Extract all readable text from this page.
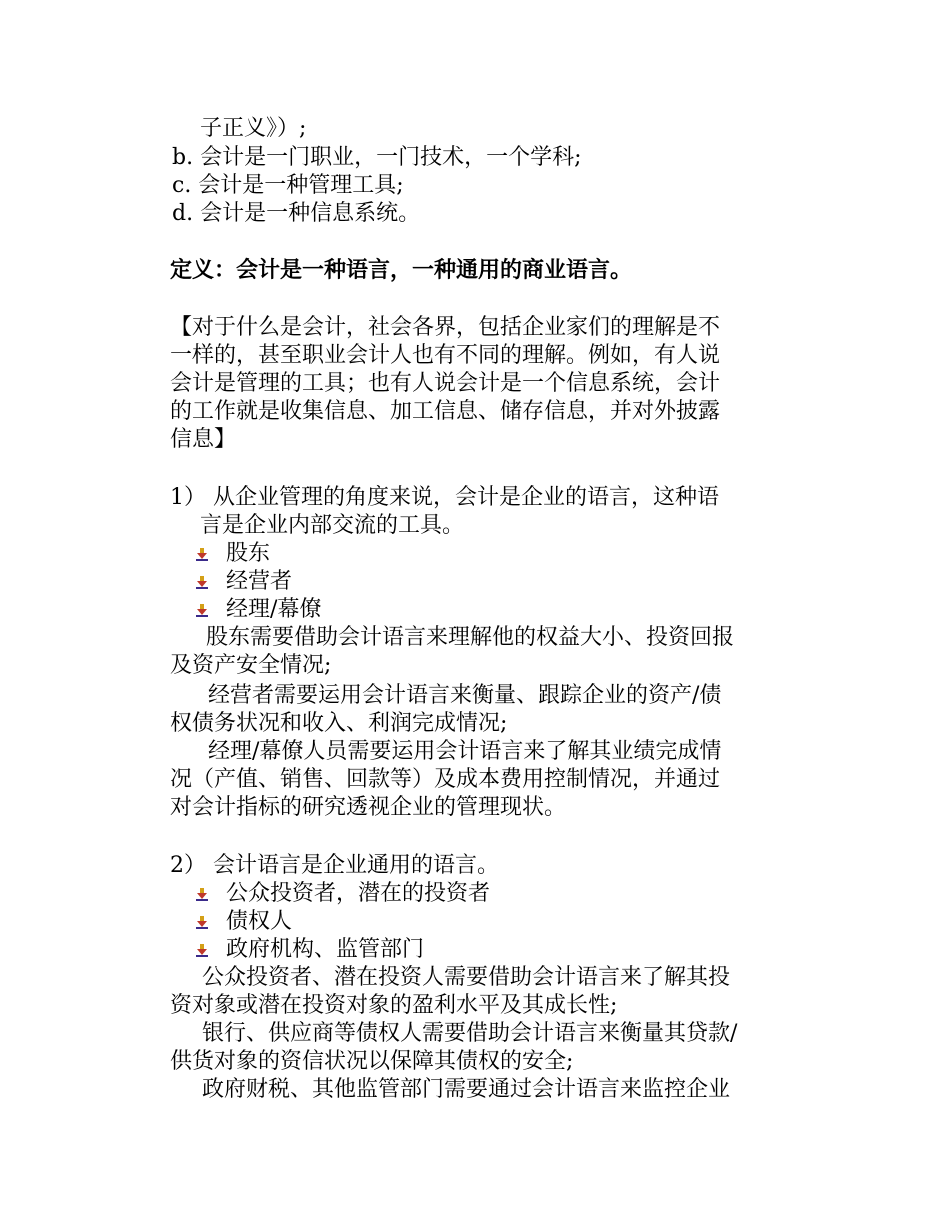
子正义》）;
b. 会计是一门职业，一门技术，一个学科;
c. 会计是一种管理工具;
d. 会计是一种信息系统。
定义：会计是一种语言，一种通用的商业语言。
【对于什么是会计，社会各界，包括企业家们的理解是不
一样的，甚至职业会计人也有不同的理解。例如，有人说
会计是管理的工具；也有人说会计是一个信息系统，会计
的工作就是收集信息、加工信息、储存信息，并对外披露
信息】
1） 从企业管理的角度来说，会计是企业的语言，这种语
言是企业内部交流的工具。
股东
经营者
经理/幕僚
股东需要借助会计语言来理解他的权益大小、投资回报
及资产安全情况;
经营者需要运用会计语言来衡量、跟踪企业的资产/债
权债务状况和收入、利润完成情况;
经理/幕僚人员需要运用会计语言来了解其业绩完成情
况（产值、销售、回款等）及成本费用控制情况，并通过
对会计指标的研究透视企业的管理现状。
2） 会计语言是企业通用的语言。
公众投资者，潜在的投资者
债权人
政府机构、监管部门
公众投资者、潜在投资人需要借助会计语言来了解其投
资对象或潜在投资对象的盈利水平及其成长性;
银行、供应商等债权人需要借助会计语言来衡量其贷款/
供货对象的资信状况以保障其债权的安全;
政府财税、其他监管部门需要通过会计语言来监控企业
